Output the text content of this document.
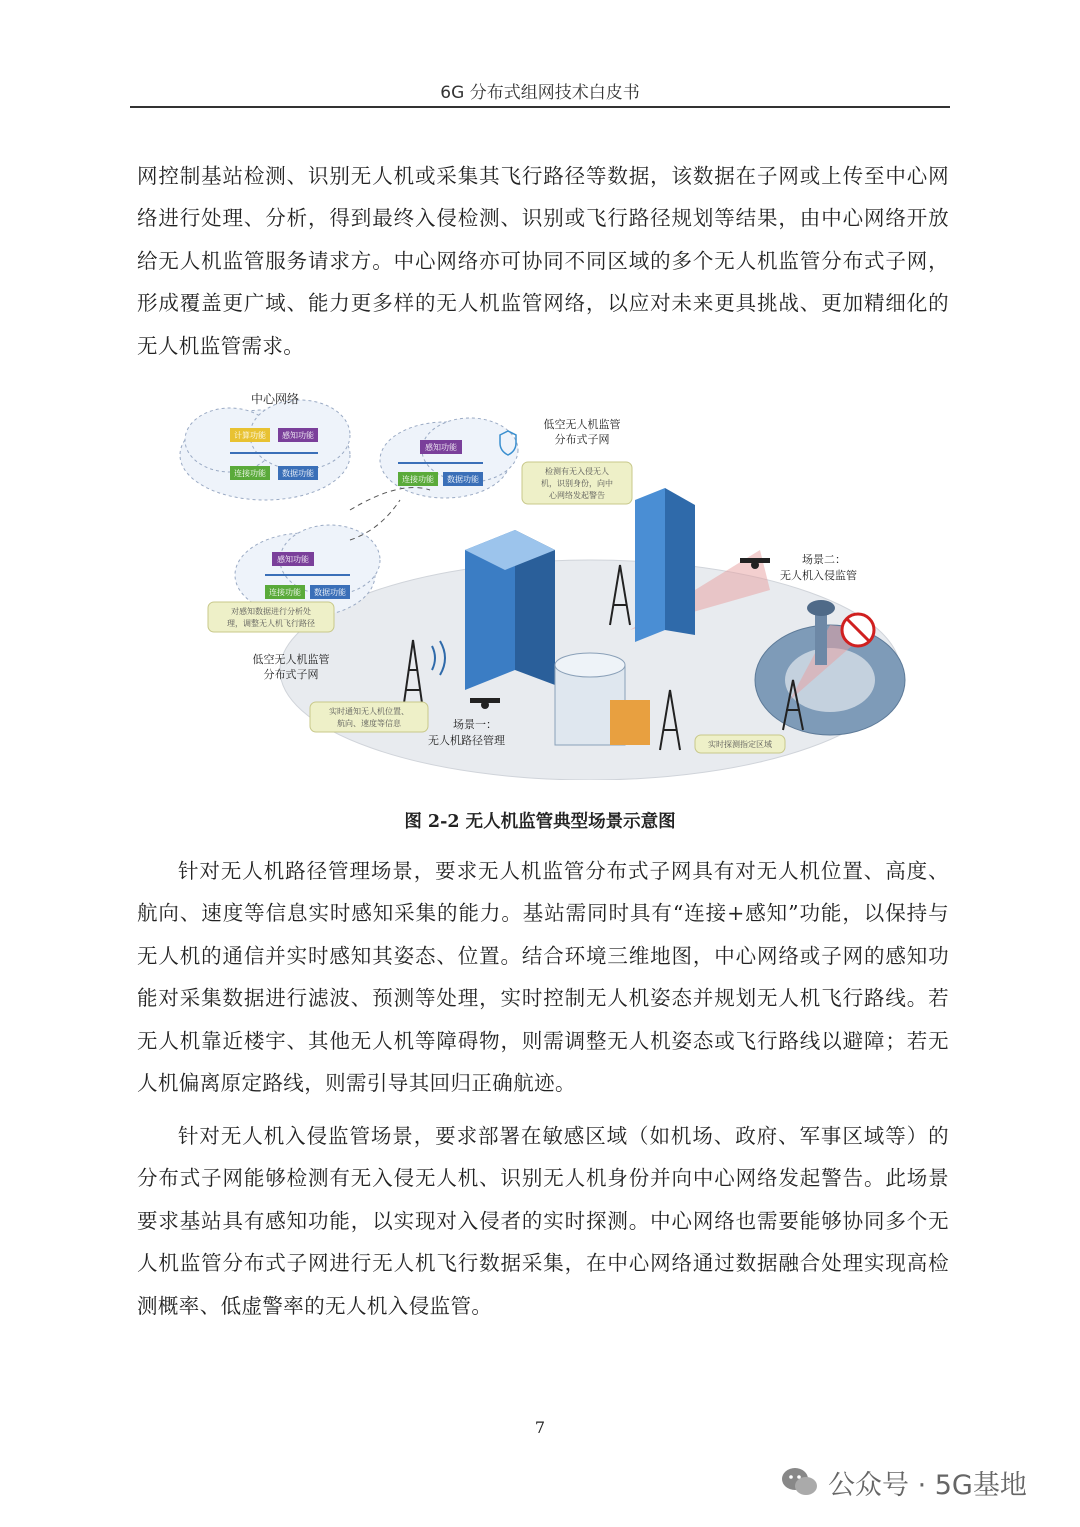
6G 分布式组网技术白皮书
网控制基站检测、识别无人机或采集其飞行路径等数据，该数据在子网或上传至中心网络进行处理、分析，得到最终入侵检测、识别或飞行路径规划等结果，由中心网络开放给无人机监管服务请求方。中心网络亦可协同不同区域的多个无人机监管分布式子网，形成覆盖更广域、能力更多样的无人机监管网络，以应对未来更具挑战、更加精细化的无人机监管需求。
计算功能 感知功能
连接功能 数据功能
中心网络
感知功能
连接功能 数据功能
低空无人机监管
分布式子网
检测有无入侵无人
机，识别身份，向中
心网络发起警告
感知功能
连接功能 数据功能
对感知数据进行分析处
理，调整无人机飞行路径
低空无人机监管
分布式子网
实时通知无人机位置、
航向、速度等信息
实时探测指定区域
场景一：
无人机路径管理
场景二：
无人机入侵监管
图 2-2 无人机监管典型场景示意图
针对无人机路径管理场景，要求无人机监管分布式子网具有对无人机位置、高度、航向、速度等信息实时感知采集的能力。基站需同时具有“连接+感知”功能，以保持与无人机的通信并实时感知其姿态、位置。结合环境三维地图，中心网络或子网的感知功能对采集数据进行滤波、预测等处理，实时控制无人机姿态并规划无人机飞行路线。若无人机靠近楼宇、其他无人机等障碍物，则需调整无人机姿态或飞行路线以避障；若无人机偏离原定路线，则需引导其回归正确航迹。
针对无人机入侵监管场景，要求部署在敏感区域（如机场、政府、军事区域等）的分布式子网能够检测有无入侵无人机、识别无人机身份并向中心网络发起警告。此场景要求基站具有感知功能，以实现对入侵者的实时探测。中心网络也需要能够协同多个无人机监管分布式子网进行无人机飞行数据采集，在中心网络通过数据融合处理实现高检测概率、低虚警率的无人机入侵监管。
7
公众号 · 5G基地
